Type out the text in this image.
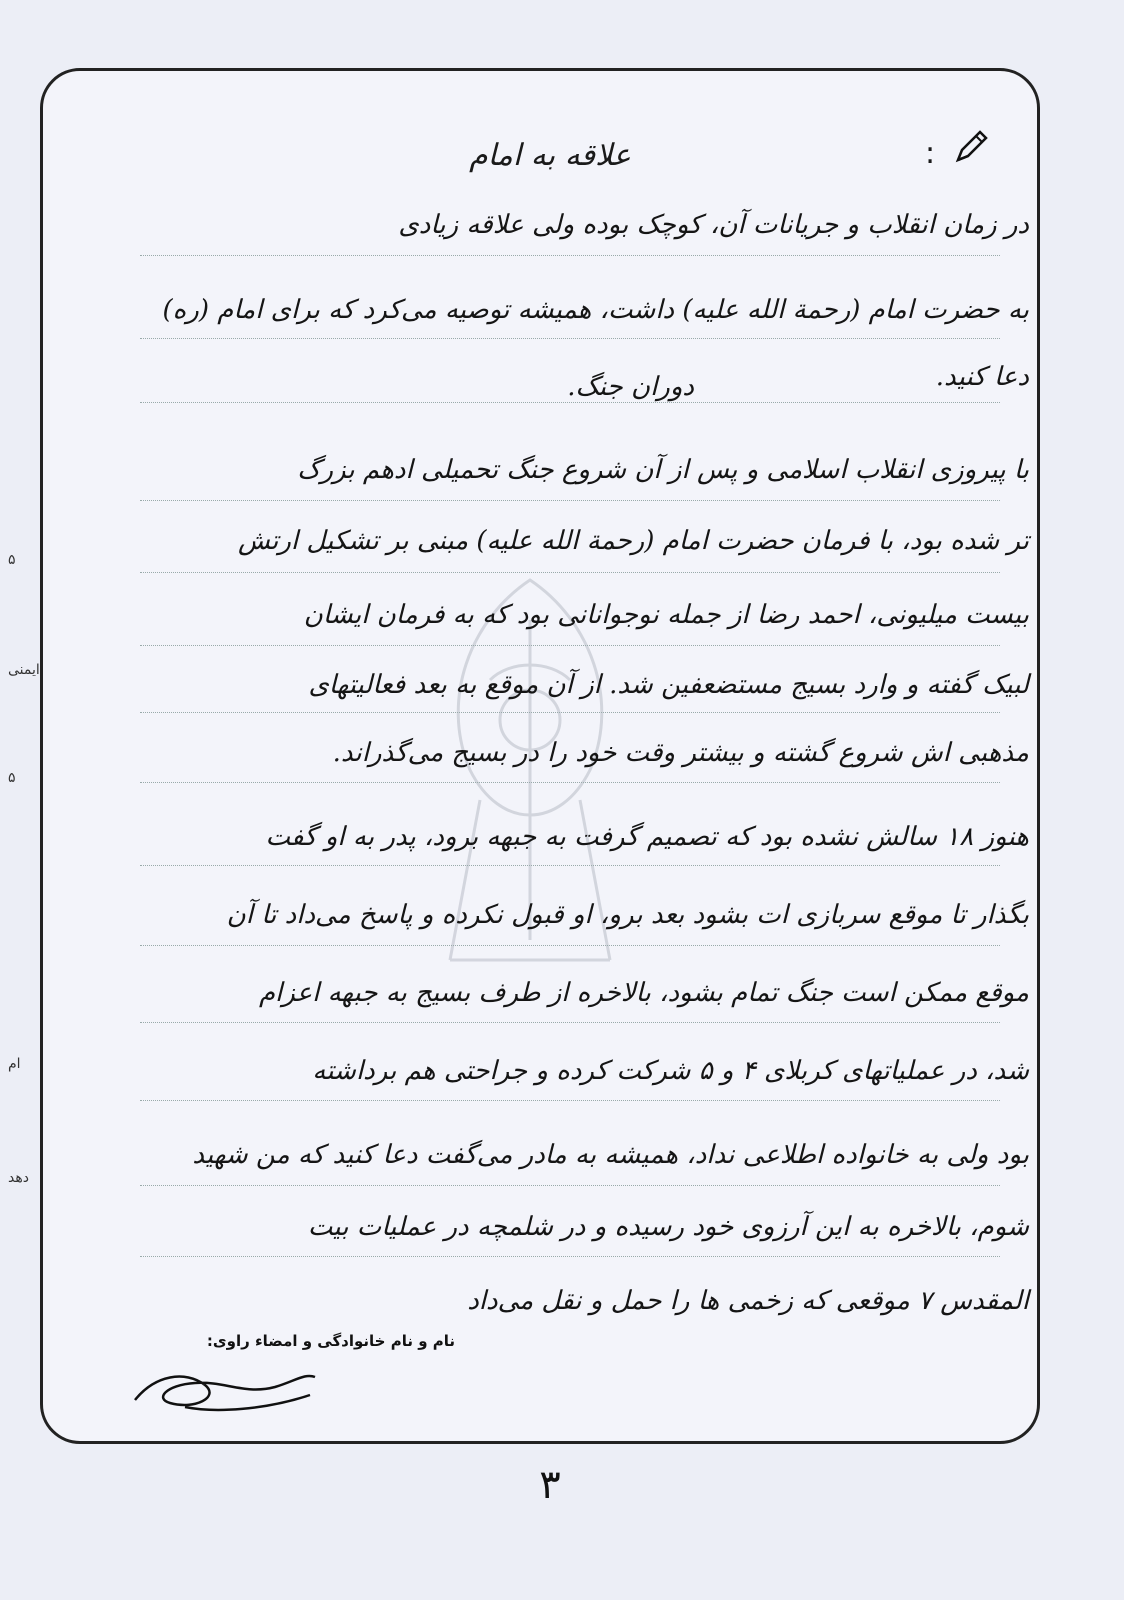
:
علاقه به امام
در زمان انقلاب و جریانات آن، کوچک بوده ولی علاقه زیادی
به حضرت امام (رحمة الله علیه) داشت، همیشه توصیه می‌کرد که برای امام (ره)
دعا کنید.
دوران جنگ.
با پیروزی انقلاب اسلامی و پس از آن شروع جنگ تحمیلی ادهم بزرگ
تر شده بود، با فرمان حضرت امام (رحمة الله علیه) مبنی بر تشکیل ارتش
بیست میلیونی، احمد رضا از جمله نوجوانانی بود که به فرمان ایشان
لبیک گفته و وارد بسیج مستضعفین شد. از آن موقع به بعد فعالیتهای
مذهبی اش شروع گشته و بیشتر وقت خود را در بسیج می‌گذراند.
هنوز ۱۸ سالش نشده بود که تصمیم گرفت به جبهه برود، پدر به او گفت
بگذار تا موقع سربازی ات بشود بعد برو، او قبول نکرده و پاسخ می‌داد تا آن
موقع ممکن است جنگ تمام بشود، بالاخره از طرف بسیج به جبهه اعزام
شد، در عملیاتهای کربلای ۴ و ۵ شرکت کرده و جراحتی هم برداشته
بود ولی به خانواده اطلاعی نداد، همیشه به مادر می‌گفت دعا کنید که من شهید
شوم، بالاخره به این آرزوی خود رسیده و در شلمچه در عملیات بیت
المقدس ۷ موقعی که زخمی ها را حمل و نقل می‌داد
نام و نام خانوادگی و امضاء راوی:
۳
۵
ایمنی
۵
ام
دهد
